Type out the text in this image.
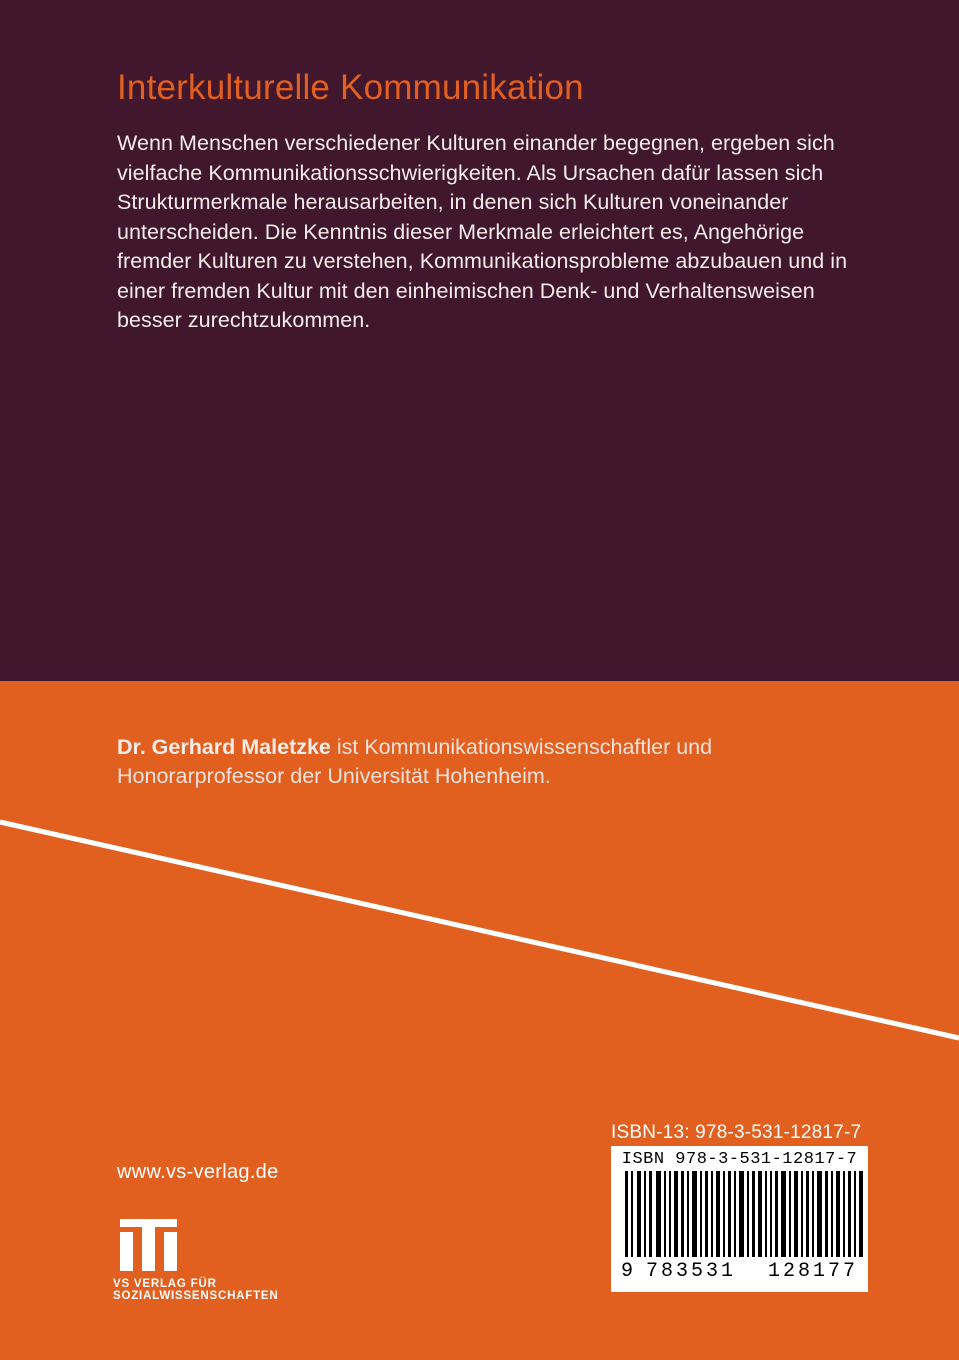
Interkulturelle Kommunikation
Wenn Menschen verschiedener Kulturen einander begegnen, ergeben sich vielfache Kommunikationsschwierigkeiten. Als Ursachen dafür lassen sich Strukturmerkmale herausarbeiten, in denen sich Kulturen voneinander unterscheiden. Die Kenntnis dieser Merkmale erleichtert es, Angehörige fremder Kulturen zu verstehen, Kommunikationsprobleme abzubauen und in einer fremden Kultur mit den einheimischen Denk- und Verhaltensweisen besser zurechtzukommen.
Dr. Gerhard Maletzke ist Kommunikationswissenschaftler und Honorarprofessor der Universität Hohenheim.
www.vs-verlag.de
VS VERLAG FÜR SOZIALWISSENSCHAFTEN
ISBN-13: 978-3-531-12817-7
ISBN 978-3-531-12817-7
9 783531 128177
